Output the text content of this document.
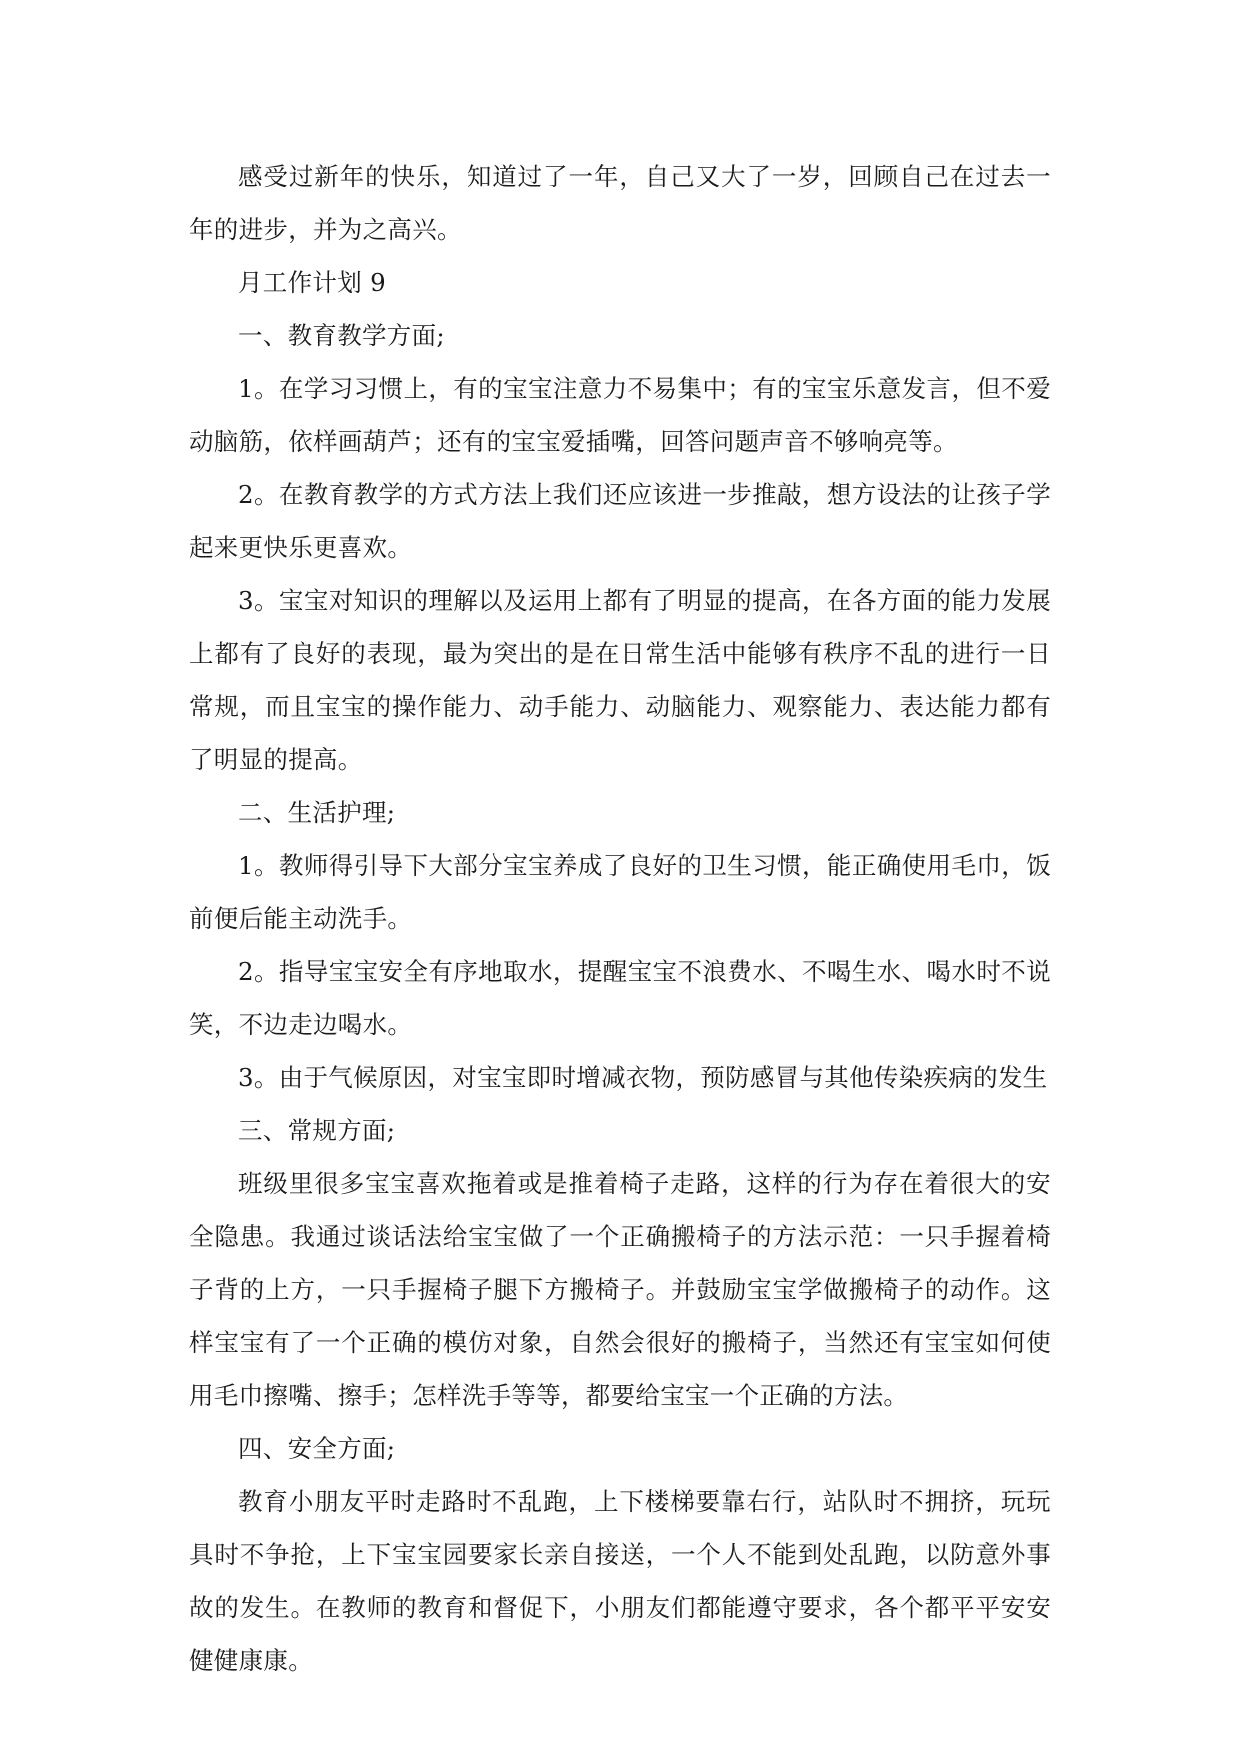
感受过新年的快乐，知道过了一年，自己又大了一岁，回顾自己在过去一年的进步，并为之高兴。

月工作计划 9

一、教育教学方面;

1。在学习习惯上，有的宝宝注意力不易集中；有的宝宝乐意发言，但不爱动脑筋，依样画葫芦；还有的宝宝爱插嘴，回答问题声音不够响亮等。

2。在教育教学的方式方法上我们还应该进一步推敲，想方设法的让孩子学起来更快乐更喜欢。

3。宝宝对知识的理解以及运用上都有了明显的提高，在各方面的能力发展上都有了良好的表现，最为突出的是在日常生活中能够有秩序不乱的进行一日常规，而且宝宝的操作能力、动手能力、动脑能力、观察能力、表达能力都有了明显的提高。

二、生活护理;

1。教师得引导下大部分宝宝养成了良好的卫生习惯，能正确使用毛巾，饭前便后能主动洗手。

2。指导宝宝安全有序地取水，提醒宝宝不浪费水、不喝生水、喝水时不说笑，不边走边喝水。

3。由于气候原因，对宝宝即时增减衣物，预防感冒与其他传染疾病的发生

三、常规方面;

班级里很多宝宝喜欢拖着或是推着椅子走路，这样的行为存在着很大的安全隐患。我通过谈话法给宝宝做了一个正确搬椅子的方法示范：一只手握着椅子背的上方，一只手握椅子腿下方搬椅子。并鼓励宝宝学做搬椅子的动作。这样宝宝有了一个正确的模仿对象，自然会很好的搬椅子，当然还有宝宝如何使用毛巾擦嘴、擦手；怎样洗手等等，都要给宝宝一个正确的方法。

四、安全方面;

教育小朋友平时走路时不乱跑，上下楼梯要靠右行，站队时不拥挤，玩玩具时不争抢，上下宝宝园要家长亲自接送，一个人不能到处乱跑，以防意外事故的发生。在教师的教育和督促下，小朋友们都能遵守要求，各个都平平安安健健康康。
